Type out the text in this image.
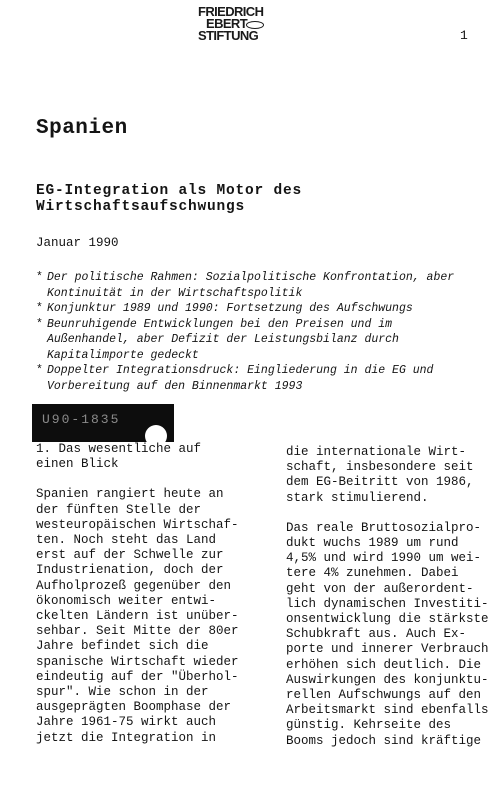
FRIEDRICH
EBERT
STIFTUNG	1
Spanien
EG-Integration als Motor des
Wirtschaftsaufschwungs
Januar 1990
* Der politische Rahmen: Sozialpolitische Konfrontation, aber
Kontinuität in der Wirtschaftspolitik
* Konjunktur 1989 und 1990: Fortsetzung des Aufschwungs
* Beunruhigende Entwicklungen bei den Preisen und im
Außenhandel, aber Defizit der Leistungsbilanz durch
Kapitalimporte gedeckt
* Doppelter Integrationsdruck: Eingliederung in die EG und
Vorbereitung auf den Binnenmarkt 1993
U90-1835
1. Das wesentliche auf
einen Blick
Spanien rangiert heute an
der fünften Stelle der
westeuropäischen Wirtschaf-
ten. Noch steht das Land
erst auf der Schwelle zur
Industrienation, doch der
Aufholprozeß gegenüber den
ökonomisch weiter entwi-
ckelten Ländern ist unüber-
sehbar. Seit Mitte der 80er
Jahre befindet sich die
spanische Wirtschaft wieder
eindeutig auf der "Überhol-
spur". Wie schon in der
ausgeprägten Boomphase der
Jahre 1961-75 wirkt auch
jetzt die Integration in
die internationale Wirt-
schaft, insbesondere seit
dem EG-Beitritt von 1986,
stark stimulierend.
Das reale Bruttosozialpro-
dukt wuchs 1989 um rund
4,5% und wird 1990 um wei-
tere 4% zunehmen. Dabei
geht von der außerordent-
lich dynamischen Investiti-
onsentwicklung die stärkste
Schubkraft aus. Auch Ex-
porte und innerer Verbrauch
erhöhen sich deutlich. Die
Auswirkungen des konjunktu-
rellen Aufschwungs auf den
Arbeitsmarkt sind ebenfalls
günstig. Kehrseite des
Booms jedoch sind kräftige
